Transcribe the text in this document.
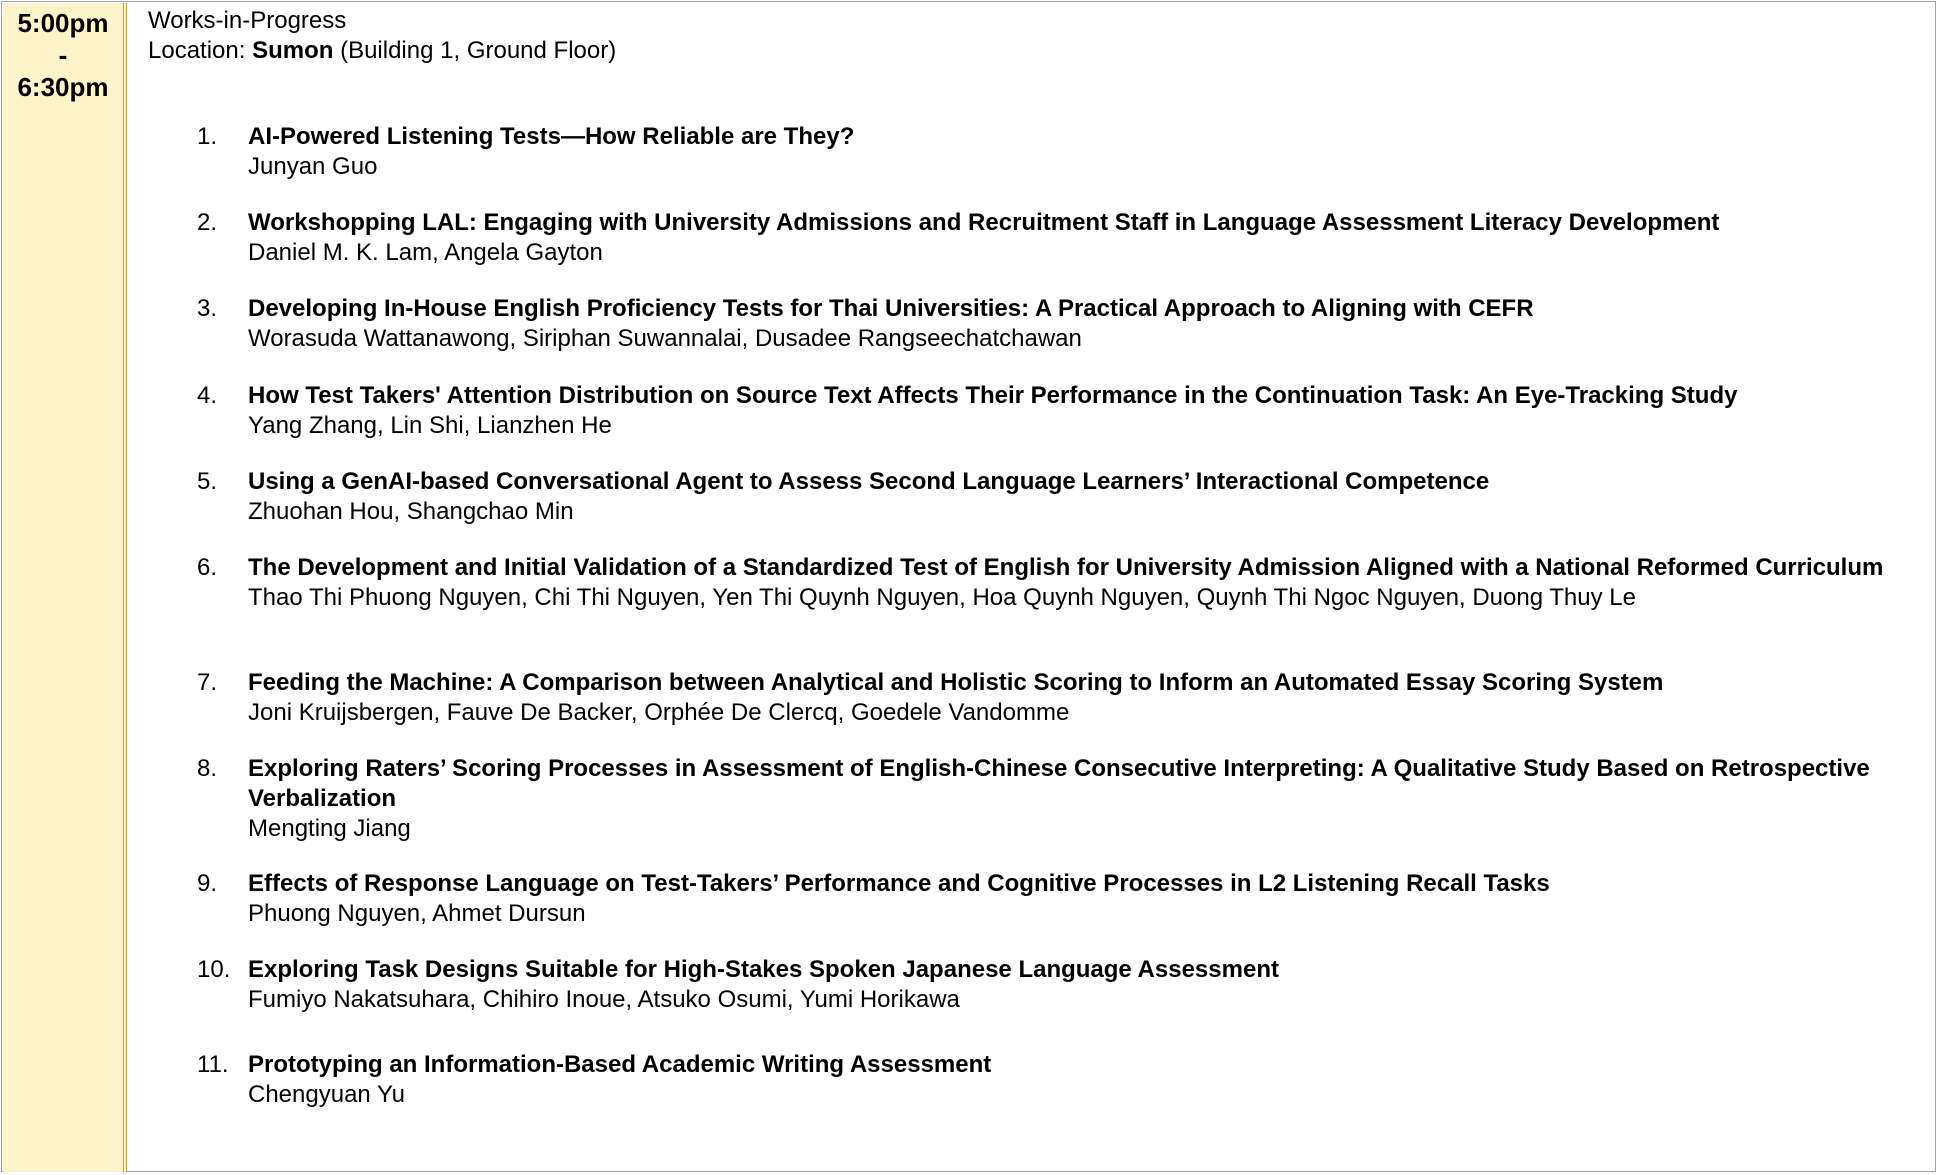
5:00pm
-
6:30pm
Works-in-Progress
Location: Sumon (Building 1, Ground Floor)
1. AI-Powered Listening Tests—How Reliable are They?
Junyan Guo
2. Workshopping LAL: Engaging with University Admissions and Recruitment Staff in Language Assessment Literacy Development
Daniel M. K. Lam, Angela Gayton
3. Developing In-House English Proficiency Tests for Thai Universities: A Practical Approach to Aligning with CEFR
Worasuda Wattanawong, Siriphan Suwannalai, Dusadee Rangseechatchawan
4. How Test Takers' Attention Distribution on Source Text Affects Their Performance in the Continuation Task: An Eye-Tracking Study
Yang Zhang, Lin Shi, Lianzhen He
5. Using a GenAI-based Conversational Agent to Assess Second Language Learners’ Interactional Competence
Zhuohan Hou, Shangchao Min
6. The Development and Initial Validation of a Standardized Test of English for University Admission Aligned with a National Reformed Curriculum
Thao Thi Phuong Nguyen, Chi Thi Nguyen, Yen Thi Quynh Nguyen, Hoa Quynh Nguyen, Quynh Thi Ngoc Nguyen, Duong Thuy Le
7. Feeding the Machine: A Comparison between Analytical and Holistic Scoring to Inform an Automated Essay Scoring System
Joni Kruijsbergen, Fauve De Backer, Orphée De Clercq, Goedele Vandomme
8. Exploring Raters’ Scoring Processes in Assessment of English-Chinese Consecutive Interpreting: A Qualitative Study Based on Retrospective Verbalization
Mengting Jiang
9. Effects of Response Language on Test-Takers’ Performance and Cognitive Processes in L2 Listening Recall Tasks
Phuong Nguyen, Ahmet Dursun
10. Exploring Task Designs Suitable for High-Stakes Spoken Japanese Language Assessment
Fumiyo Nakatsuhara, Chihiro Inoue, Atsuko Osumi, Yumi Horikawa
11. Prototyping an Information-Based Academic Writing Assessment
Chengyuan Yu
